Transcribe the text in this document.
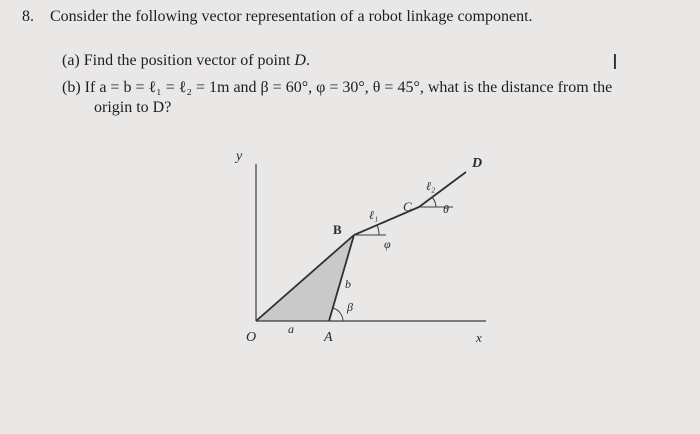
8. Consider the following vector representation of a robot linkage component.
(a) Find the position vector of point D.	I
(b) If a = b = ℓ₁ = ℓ₂ = 1m and β = 60°, φ = 30°, θ = 45°, what is the distance from the
origin to D?
y
x
O
a
A
b
β
B
ℓ₁
φ
C
ℓ₂
θ
D
